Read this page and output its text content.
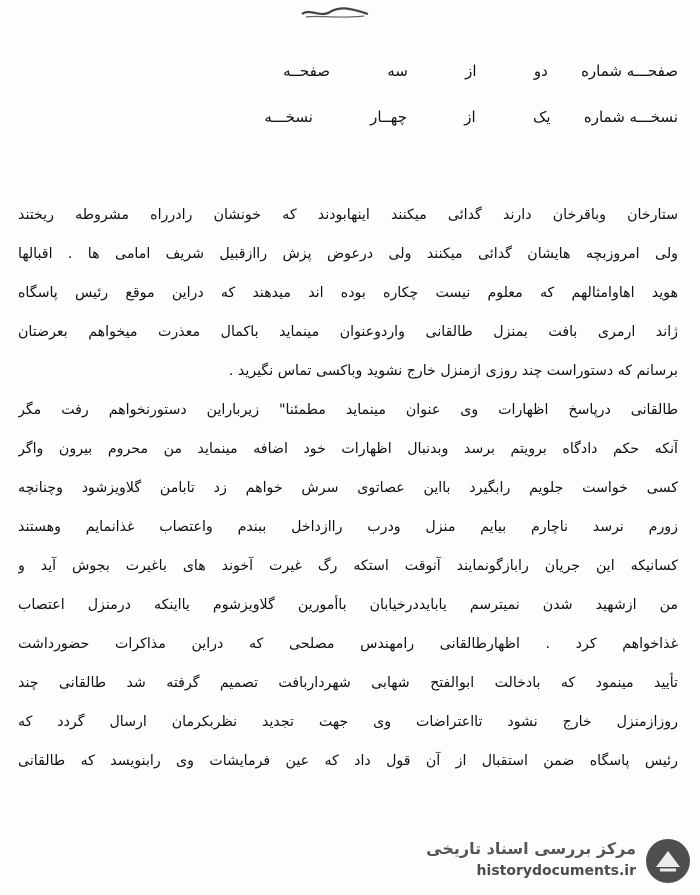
صفحـــه شماره دو از سه صفحــه
نسخـــه شماره یک از چهــار نسخـــه
ستارخان وباقرخان دارند گدائی میکنند اینهابودند که خونشان رادرراه مشروطه ریختند
ولی امروزبچه هایشان گدائی میکنند ولی درعوض پزش راازقبیل شریف امامی ها . اقبالها
هوید اهاوامثالهم که معلوم نیست چکاره بوده اند میدهند که دراین موقع رئیس پاسگاه
ژاند ارمری بافت بمنزل طالقانی واردوعنوان مینماید باکمال معذرت میخواهم بعرضتان
برسانم که دستوراست چند روزی ازمنزل خارج نشوید وباکسی تماس نگیرید .
طالقانی درپاسخ اظهارات وی عنوان مینماید مطمئنا" زیرباراین دستورنخواهم رفت مگر
آنکه حکم دادگاه برویتم برسد وبدنبال اظهارات خود اضافه مینماید من محروم بیرون واگر
کسی خواست جلویم رابگیرد بااین عصاتوی سرش خواهم زد تابامن گلاویزشود وچنانچه
زورم نرسد ناچارم بیایم منزل ودرب راازداخل ببندم واعتصاب غذانمایم وهستند
کسانیکه این جریان رابازگونمایند آنوقت استکه رگ غیرت آخوند های باغیرت بجوش آید و
من ازشهید شدن نمیترسم یابایددرخیابان باأمورین گلاویزشوم یااینکه درمنزل اعتصاب
غذاخواهم کرد . اظهارطالقانی رامهندس مصلحی که دراین مذاکرات حضورداشت
تأیید مینمود که بادخالت ابوالفتح شهابی شهرداربافت تصمیم گرفته شد طالقانی چند
روزازمنزل خارج نشود تااعتراضات وی جهت تجدید نظربکرمان ارسال گردد که
رئیس پاسگاه ضمن استقبال از آن قول داد که عین فرمایشات وی رابنویسد که طالقانی
مرکز بررسی اسناد تاریخی
historydocuments.ir
